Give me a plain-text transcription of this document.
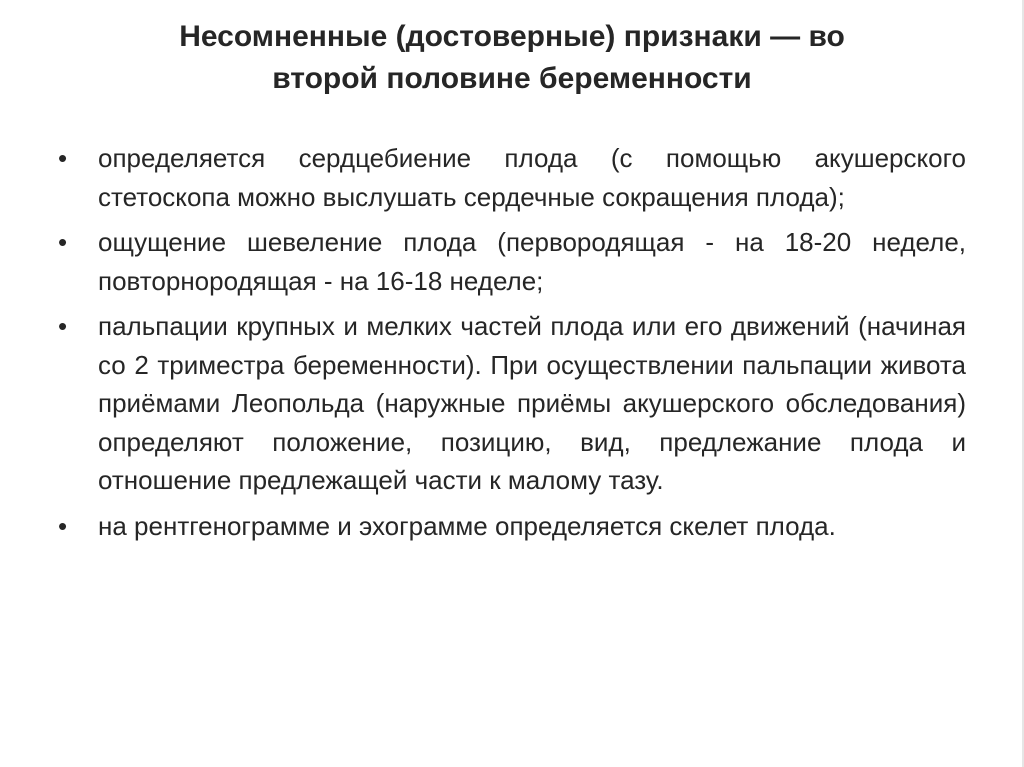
Несомненные (достоверные) признаки — во
второй половине беременности
• определяется сердцебиение плода (с помощью акушерского стетоскопа можно выслушать сердечные сокращения плода);
• ощущение шевеление плода (первородящая - на 18-20 неделе, повторнородящая - на 16-18 неделе;
• пальпации крупных и мелких частей плода или его движений (начиная со 2 триместра беременности). При осуществлении пальпации живота приёмами Леопольда (наружные приёмы акушерского обследования) определяют положение, позицию, вид, предлежание плода и отношение предлежащей части к малому тазу.
• на рентгенограмме и эхограмме определяется скелет плода.
